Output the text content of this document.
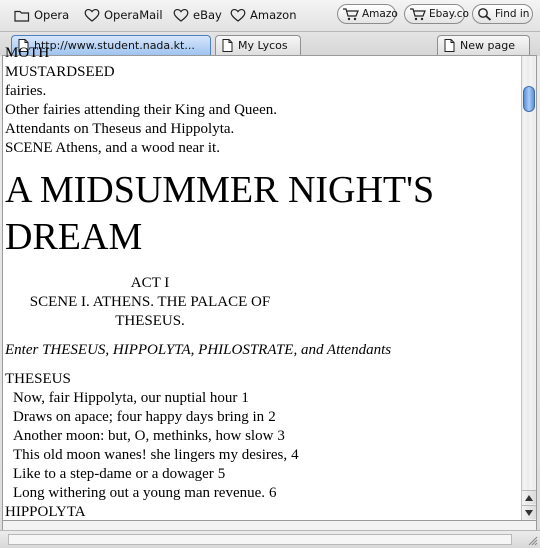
Opera	OperaMail	eBay Amazon	Amazo	Ebay.co Find in
http://www.student.nada.kt...	My Lycos	New page

MOTH

MUSTARDSEED

fairies.

Other fairies attending their King and Queen.

Attendants on Theseus and Hippolyta.

SCENE Athens, and a wood near it.

A MIDSUMMER NIGHT'S DREAM

ACT I

SCENE I. ATHENS. THE PALACE OF THESEUS.

Enter THESEUS, HIPPOLYTA, PHILOSTRATE, and Attendants

THESEUS

Now, fair Hippolyta, our nuptial hour 1
Draws on apace; four happy days bring in 2
Another moon: but, O, methinks, how slow 3
This old moon wanes! she lingers my desires, 4
Like to a step-dame or a dowager 5
Long withering out a young man revenue. 6

HIPPOLYTA
